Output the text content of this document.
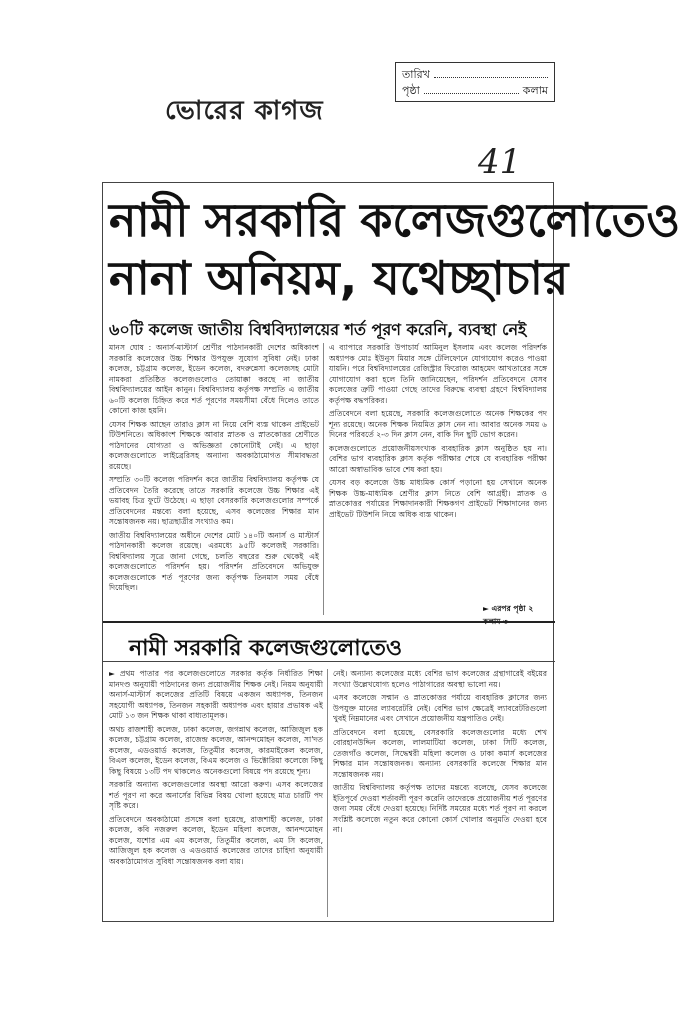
ভোরের কাগজ
তারিখ
পৃষ্ঠা	কলাম
41
নামী সরকারি কলেজগুলোতেও
নানা অনিয়ম, যথেচ্ছাচার
৬০টি কলেজ জাতীয় বিশ্ববিদ্যালয়ের শর্ত পূরণ করেনি, ব্যবস্থা নেই

মানস ঘোষ : অনার্স-মাস্টার্স শ্রেণীর পাঠদানকারী দেশের অধিকাংশ সরকারি কলেজের উচ্চ শিক্ষার উপযুক্ত সুযোগ সুবিধা নেই। ঢাকা কলেজ, চট্টগ্রাম কলেজ, ইডেন কলেজ, বদরুন্নেসা কলেজসহ মোটা নামকরা প্রতিষ্ঠিত কলেজগুলোও তোয়াক্কা করছে না জাতীয় বিশ্ববিদ্যালয়ের আইন কানুন। বিশ্ববিদ্যালয় কর্তৃপক্ষ সম্প্রতি এ জাতীয় ৬০টি কলেজ চিহ্নিত করে শর্ত পূরণের সময়সীমা বেঁধে দিলেও তাতে কোনো কাজ হয়নি।

যেসব শিক্ষক আছেন তারাও ক্লাস না নিয়ে বেশি ব্যস্ত থাকেন প্রাইভেট টিউশনিতে। অধিকাংশ শিক্ষকে আবার স্নাতক ও স্নাতকোত্তর শ্রেণীতে পাঠদানের যোগ্যতা ও অভিজ্ঞতা কোনোটাই নেই। এ ছাড়া কলেজগুলোতে লাইব্রেরিসহ অন্যান্য অবকাঠামোগত সীমাবদ্ধতা রয়েছে।

সম্প্রতি ৩০টি কলেজ পরিদর্শন করে জাতীয় বিশ্ববিদ্যালয় কর্তৃপক্ষ যে প্রতিবেদন তৈরি করেছে তাতে সরকারি কলেজে উচ্চ শিক্ষার এই ভয়াবহ চিত্র ফুটে উঠেছে। এ ছাড়া বেসরকারি কলেজগুলোর সম্পর্কে প্রতিবেদনের মন্তব্যে বলা হয়েছে, এসব কলেজের শিক্ষার মান সন্তোষজনক নয়। ছাত্রছাত্রীর সংখ্যাও কম।

জাতীয় বিশ্ববিদ্যালয়ের অধীনে দেশের মোট ১৪০টি অনার্স ও মাস্টার্স পাঠদানকারী কলেজ রয়েছে। এরমধ্যে ৯৫টি কলেজই সরকারি। বিশ্ববিদ্যালয় সূত্রে জানা গেছে, চলতি বছরের শুরু থেকেই এই কলেজগুলোতে পরিদর্শন হয়। পরিদর্শন প্রতিবেদনে অভিযুক্ত কলেজগুলোকে শর্ত পূরণের জন্য কর্তৃপক্ষ তিনমাস সময় বেঁধে দিয়েছিল।

এ ব্যাপারে সরকারি উপাচার্য আমিনুল ইসলাম এবং কলেজ পরিদর্শক অধ্যাপক মোঃ ইউনুস মিয়ার সঙ্গে টেলিফোনে যোগাযোগ করেও পাওয়া যায়নি। পরে বিশ্ববিদ্যালয়ের রেজিস্ট্রার ফিরোজ আহমেদ আখতারের সঙ্গে যোগাযোগ করা হলে তিনি জানিয়েছেন, পরিদর্শন প্রতিবেদনে যেসব কলেজের ত্রুটি পাওয়া গেছে তাদের বিরুদ্ধে ব্যবস্থা গ্রহণে বিশ্ববিদ্যালয় কর্তৃপক্ষ বদ্ধপরিকর।

প্রতিবেদনে বলা হয়েছে, সরকারি কলেজগুলোতে অনেক শিক্ষকের পদ শূন্য রয়েছে। অনেক শিক্ষক নিয়মিত ক্লাস নেন না। আবার অনেক সময় ৬ দিনের পরিবর্তে ২-৩ দিন ক্লাস নেন, বাকি দিন ছুটি ভোগ করেন।

কলেজগুলোতে প্রয়োজনীয়সংখ্যক ব্যবহারিক ক্লাস অনুষ্ঠিত হয় না। বেশির ভাগ ব্যবহারিক ক্লাস কর্তৃক পরীক্ষার শেষে যে ব্যবহারিক পরীক্ষা আরো অস্বাভাবিক ভাবে শেষ করা হয়।

যেসব বড় কলেজে উচ্চ মাধ্যমিক কোর্স পড়ানো হয় সেখানে অনেক শিক্ষক উচ্চ-মাধ্যমিক শ্রেণীর ক্লাস নিতে বেশি আগ্রহী। স্নাতক ও স্নাতকোত্তর পর্যায়ের শিক্ষাদানকারী শিক্ষকগণ প্রাইভেট শিক্ষাদানের জন্য প্রাইভেট টিউশনি নিয়ে অধিক ব্যস্ত থাকেন।

► এরপর পৃষ্ঠা ২ কলাম ৩
নামী সরকারি কলেজগুলোতেও

► প্রথম পাতার পর কলেজগুলোতে সরকার কর্তৃক নির্ধারিত শিক্ষা মানদণ্ড অনুযায়ী পাঠদানের জন্য প্রয়োজনীয় শিক্ষক নেই। নিয়ম অনুযায়ী অনার্স-মাস্টার্স কলেজের প্রতিটি বিষয়ে একজন অধ্যাপক, তিনজন সহযোগী অধ্যাপক, তিনজন সহকারী অধ্যাপক এবং হায়ার প্রভাষক এই মোট ১৩ জন শিক্ষক থাকা বাধ্যতামূলক।

অথচ রাজশাহী কলেজ, ঢাকা কলেজ, জগন্নাথ কলেজ, আজিজুল হক কলেজ, চট্টগ্রাম কলেজ, রাজেন্দ্র কলেজ, আনন্দমোহন কলেজ, সা'দত কলেজ, এডওয়ার্ড কলেজ, তিতুমীর কলেজ, কারমাইকেল কলেজ, বিএল কলেজ, ইডেন কলেজ, বিএম কলেজ ও ভিক্টোরিয়া কলেজে কিছু কিছু বিষয়ে ১৩টি পদ থাকলেও অনেকগুলো বিষয়ে পদ রয়েছে শূন্য।

সরকারি অন্যান্য কলেজগুলোর অবস্থা আরো করুণ। এসব কলেজের শর্ত পূরণ না করে অনার্সের বিভিন্ন বিষয় খোলা হয়েছে মাত্র চারটি পদ সৃষ্টি করে।

প্রতিবেদনে অবকাঠামো প্রসঙ্গে বলা হয়েছে, রাজশাহী কলেজ, ঢাকা কলেজ, কবি নজরুল কলেজ, ইডেন মহিলা কলেজ, আনন্দমোহন কলেজ, যশোর এম এম কলেজ, তিতুমীর কলেজ, এম সি কলেজ, আজিজুল হক কলেজ ও এডওয়ার্ড কলেজের তাদের চাহিদা অনুযায়ী অবকাঠামোগত সুবিধা সন্তোষজনক বলা যায়।

নেই। অন্যান্য কলেজের মধ্যে বেশির ভাগ কলেজের গ্রন্থাগারেই বইয়ের সংখ্যা উল্লেখযোগ্য হলেও পাঠাগারের অবস্থা ভালো নয়।

এসব কলেজে সন্মান ও স্নাতকোত্তর পর্যায়ে ব্যবহারিক ক্লাসের জন্য উপযুক্ত মানের ল্যাবরেটরি নেই। বেশির ভাগ ক্ষেত্রেই ল্যাবরেটরিগুলো খুবই নিম্নমানের এবং সেখানে প্রয়োজনীয় যন্ত্রপাতিও নেই।

প্রতিবেদনে বলা হয়েছে, বেসরকারি কলেজগুলোর মধ্যে শেখ বোরহানউদ্দিন কলেজ, লালমাটিয়া কলেজ, ঢাকা সিটি কলেজ, তেজগাঁও কলেজ, সিদ্ধেশ্বরী মহিলা কলেজ ও ঢাকা কমার্স কলেজের শিক্ষার মান সন্তোষজনক। অন্যান্য বেসরকারি কলেজে শিক্ষার মান সন্তোষজনক নয়।

জাতীয় বিশ্ববিদ্যালয় কর্তৃপক্ষ তাদের মন্তব্যে বলেছে, যেসব কলেজে ইতিপূর্বে দেওয়া শর্তাবলী পূরণ করেনি তাদেরকে প্রয়োজনীয় শর্ত পূরণের জন্য সময় বেঁধে দেওয়া হয়েছে। নির্দিষ্ট সময়ের মধ্যে শর্ত পূরণ না করলে সংশ্লিষ্ট কলেজে নতুন করে কোনো কোর্স খোলার অনুমতি দেওয়া হবে না।
